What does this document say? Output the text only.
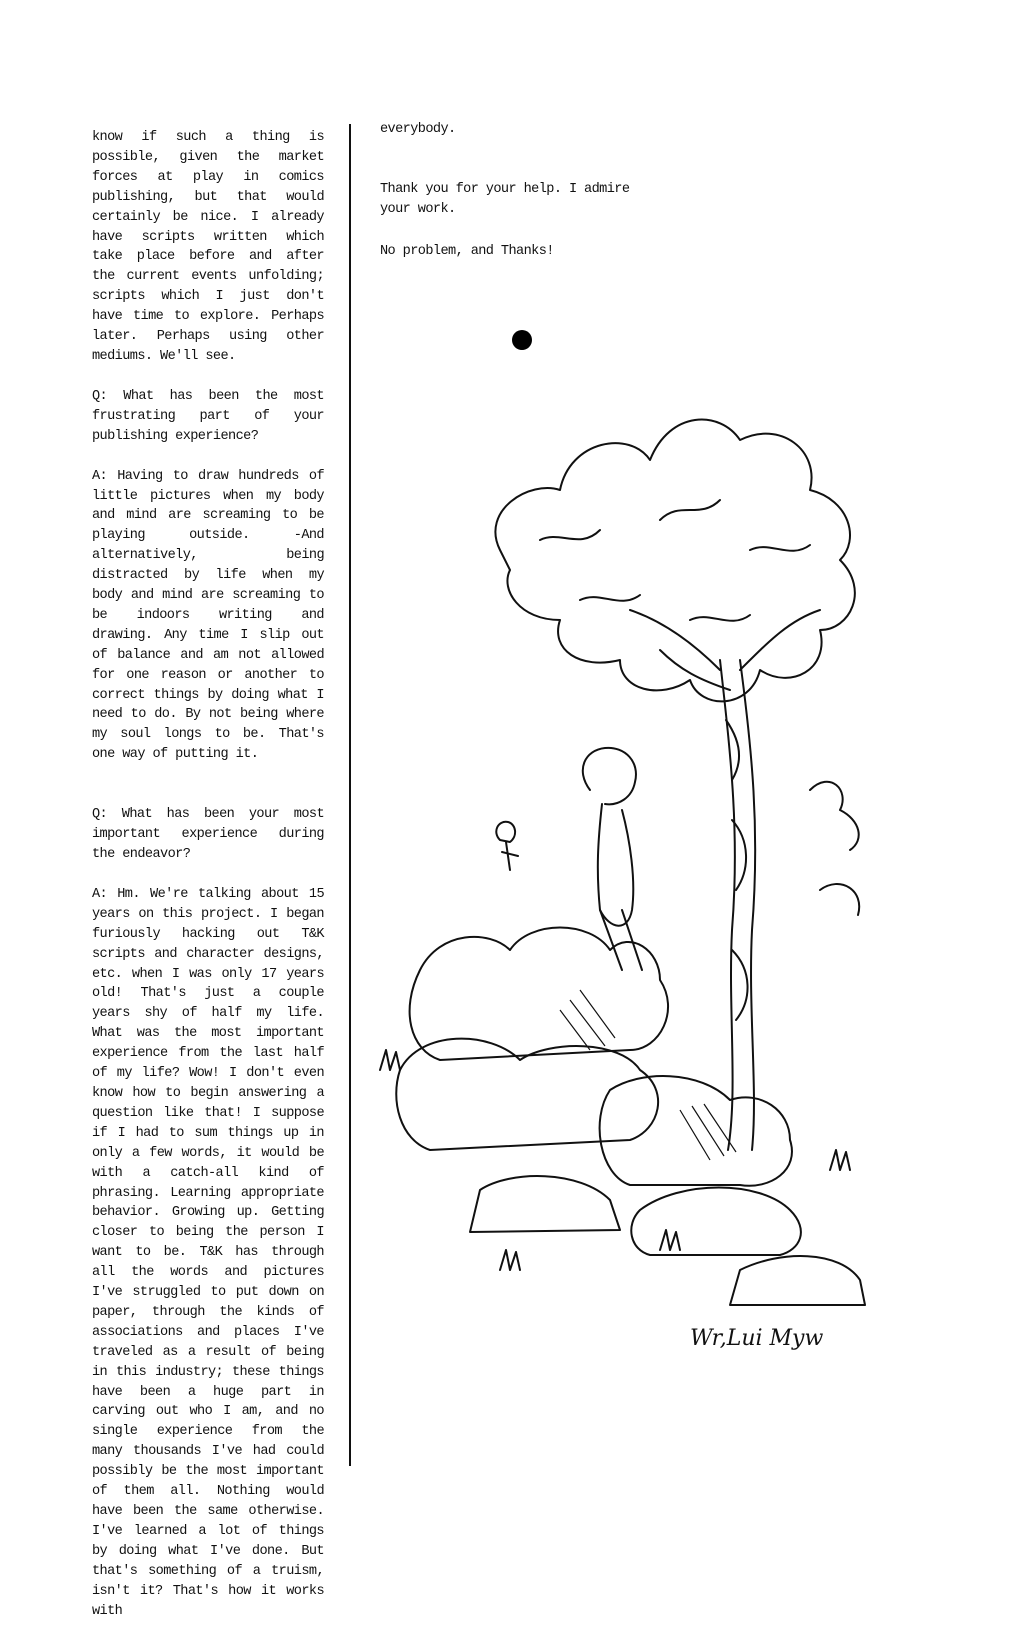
know if such a thing is possible, given the market forces at play in comics publishing, but that would certainly be nice. I already have scripts written which take place before and after the current events unfolding; scripts which I just don't have time to explore. Perhaps later. Perhaps using other mediums. We'll see.

Q: What has been the most frustrating part of your publishing experience?

A: Having to draw hundreds of little pictures when my body and mind are screaming to be playing outside. -And alternatively, being distracted by life when my body and mind are screaming to be indoors writing and drawing. Any time I slip out of balance and am not allowed for one reason or another to correct things by doing what I need to do. By not being where my soul longs to be. That's one way of putting it.

Q: What has been your most important experience during the endeavor?

A: Hm. We're talking about 15 years on this project. I began furiously hacking out T&K scripts and character designs, etc. when I was only 17 years old! That's just a couple years shy of half my life. What was the most important experience from the last half of my life? Wow! I don't even know how to begin answering a question like that! I suppose if I had to sum things up in only a few words, it would be with a catch-all kind of phrasing. Learning appropriate behavior. Growing up. Getting closer to being the person I want to be. T&K has through all the words and pictures I've struggled to put down on paper, through the kinds of associations and places I've traveled as a result of being in this industry; these things have been a huge part in carving out who I am, and no single experience from the many thousands I've had could possibly be the most important of them all. Nothing would have been the same otherwise. I've learned a lot of things by doing what I've done. But that's something of a truism, isn't it? That's how it works with

everybody.

Thank you for your help. I admire your work.

No problem, and Thanks!

Wr,Lui Myw
